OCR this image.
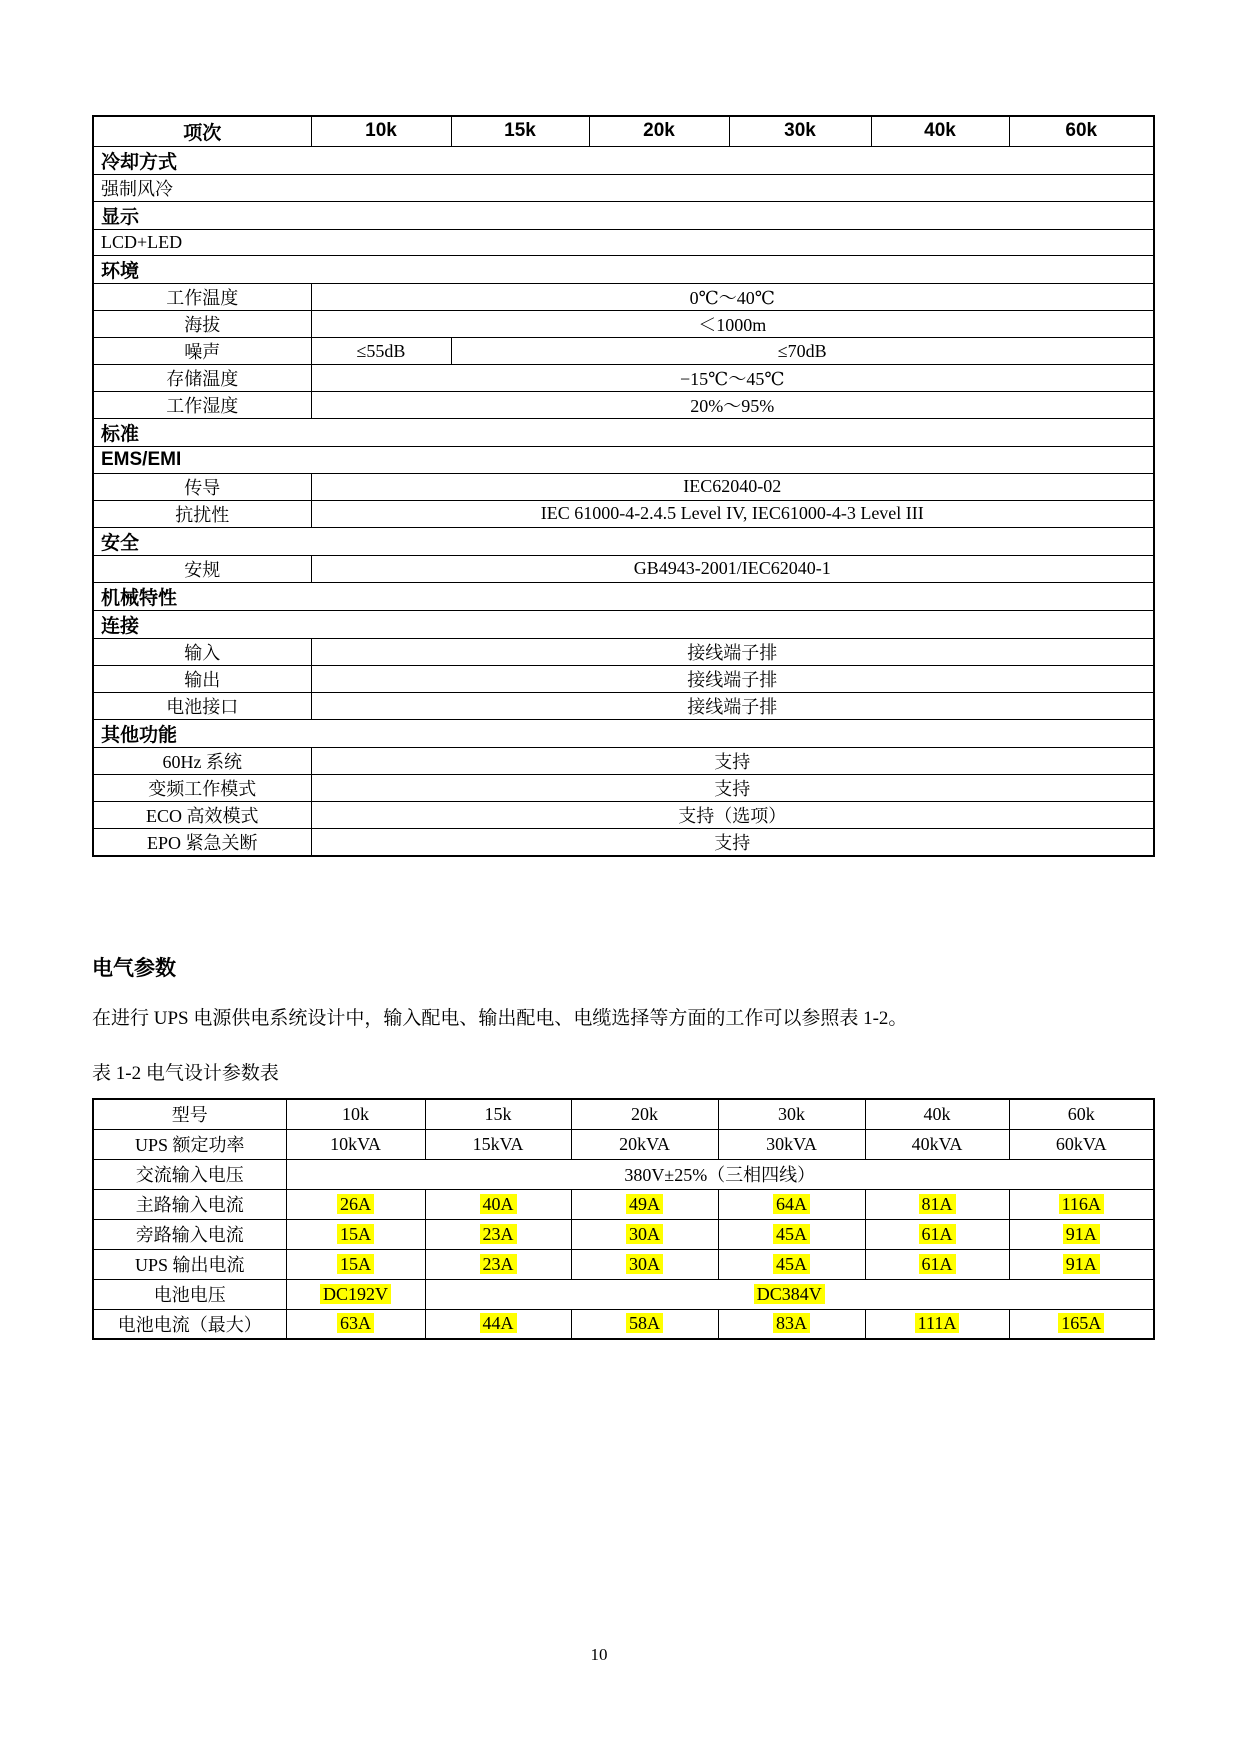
项次	10k	15k	20k	30k	40k	60k
冷却方式						
强制风冷						
显示						
LCD+LED						
环境						
工作温度	0℃～40℃					
海拔	＜1000m					
噪声	≤55dB	≤70dB				
存储温度	−15℃～45℃					
工作湿度	20%～95%					
标准						
EMS/EMI						
传导	IEC62040-02					
抗扰性	IEC 61000-4-2.4.5 Level IV, IEC61000-4-3 Level III					
安全						
安规	GB4943-2001/IEC62040-1					
机械特性						
连接						
输入	接线端子排					
输出	接线端子排					
电池接口	接线端子排					
其他功能						
60Hz 系统	支持					
变频工作模式	支持					
ECO 高效模式	支持（选项）					
EPO 紧急关断	支持					
电气参数
在进行 UPS 电源供电系统设计中，输入配电、输出配电、电缆选择等方面的工作可以参照表 1-2。
表 1-2 电气设计参数表
型号	10k	15k	20k	30k	40k	60k
UPS 额定功率	10kVA	15kVA	20kVA	30kVA	40kVA	60kVA
交流输入电压	380V±25%（三相四线）					
主路输入电流	26A	40A	49A	64A	81A	116A
旁路输入电流	15A	23A	30A	45A	61A	91A
UPS 输出电流	15A	23A	30A	45A	61A	91A
电池电压	DC192V	DC384V				
电池电流（最大）	63A	44A	58A	83A	111A	165A
10
